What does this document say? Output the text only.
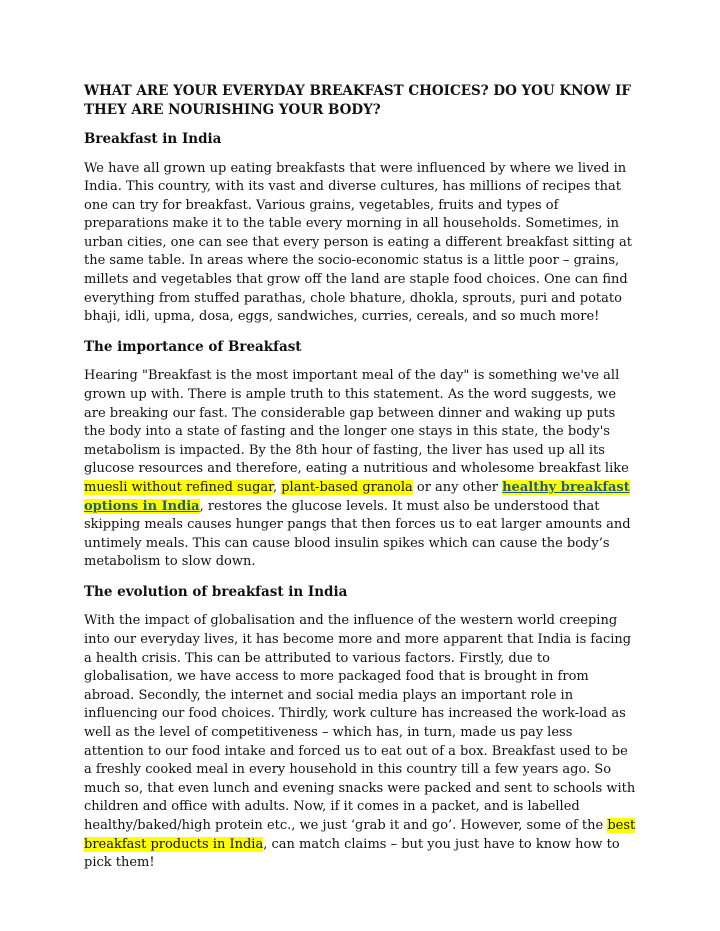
WHAT ARE YOUR EVERYDAY BREAKFAST CHOICES? DO YOU KNOW IF THEY ARE NOURISHING YOUR BODY?
Breakfast in India

We have all grown up eating breakfasts that were influenced by where we lived in India. This country, with its vast and diverse cultures, has millions of recipes that one can try for breakfast. Various grains, vegetables, fruits and types of preparations make it to the table every morning in all households. Sometimes, in urban cities, one can see that every person is eating a different breakfast sitting at the same table. In areas where the socio-economic status is a little poor – grains, millets and vegetables that grow off the land are staple food choices. One can find everything from stuffed parathas, chole bhature, dhokla, sprouts, puri and potato bhaji, idli, upma, dosa, eggs, sandwiches, curries, cereals, and so much more!

The importance of Breakfast

Hearing "Breakfast is the most important meal of the day" is something we've all grown up with. There is ample truth to this statement. As the word suggests, we are breaking our fast. The considerable gap between dinner and waking up puts the body into a state of fasting and the longer one stays in this state, the body's metabolism is impacted. By the 8th hour of fasting, the liver has used up all its glucose resources and therefore, eating a nutritious and wholesome breakfast like muesli without refined sugar, plant-based granola or any other healthy breakfast options in India, restores the glucose levels. It must also be understood that skipping meals causes hunger pangs that then forces us to eat larger amounts and untimely meals. This can cause blood insulin spikes which can cause the body’s metabolism to slow down.

The evolution of breakfast in India

With the impact of globalisation and the influence of the western world creeping into our everyday lives, it has become more and more apparent that India is facing a health crisis. This can be attributed to various factors. Firstly, due to globalisation, we have access to more packaged food that is brought in from abroad. Secondly, the internet and social media plays an important role in influencing our food choices. Thirdly, work culture has increased the work-load as well as the level of competitiveness – which has, in turn, made us pay less attention to our food intake and forced us to eat out of a box. Breakfast used to be a freshly cooked meal in every household in this country till a few years ago. So much so, that even lunch and evening snacks were packed and sent to schools with children and office with adults. Now, if it comes in a packet, and is labelled healthy/baked/high protein etc., we just ‘grab it and go’. However, some of the best breakfast products in India, can match claims – but you just have to know how to pick them!
